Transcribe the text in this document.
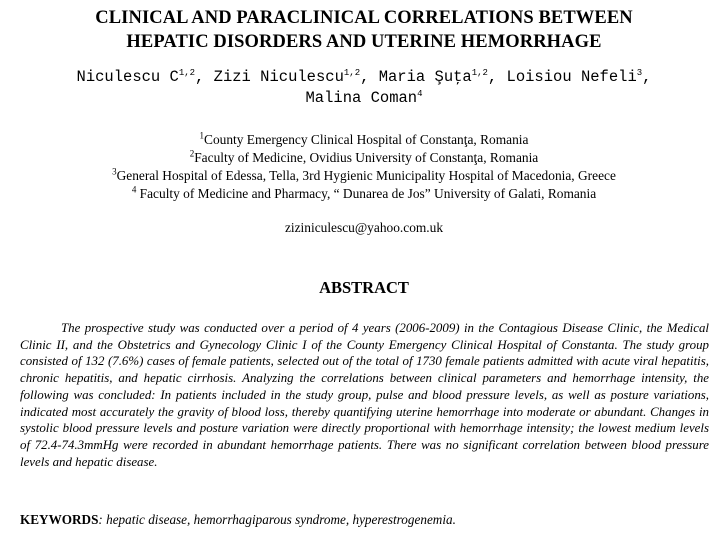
CLINICAL AND PARACLINICAL CORRELATIONS BETWEEN
HEPATIC DISORDERS AND UTERINE HEMORRHAGE
Niculescu C$^{1,2}$, Zizi Niculescu$^{1,2}$, Maria Şuţa$^{1,2}$, Loisiou Nefeli$^3$,
Malina Coman$^4$
$^1$County Emergency Clinical Hospital of Constanţa, Romania
$^2$Faculty of Medicine, Ovidius University of Constanţa, Romania
$^3$General Hospital of Edessa, Tella, 3rd Hygienic Municipality Hospital of Macedonia, Greece
$^4$ Faculty of Medicine and Pharmacy, “ Dunarea de Jos” University of Galati, Romania
ziziniculescu@yahoo.com.uk
ABSTRACT

The prospective study was conducted over a period of 4 years (2006-2009) in the Contagious Disease Clinic, the Medical Clinic II, and the Obstetrics and Gynecology Clinic I of the County Emergency Clinical Hospital of Constanta. The study group consisted of 132 (7.6%) cases of female patients, selected out of the total of 1730 female patients admitted with acute viral hepatitis, chronic hepatitis, and hepatic cirrhosis. Analyzing the correlations between clinical parameters and hemorrhage intensity, the following was concluded: In patients included in the study group, pulse and blood pressure levels, as well as posture variations, indicated most accurately the gravity of blood loss, thereby quantifying uterine hemorrhage into moderate or abundant. Changes in systolic blood pressure levels and posture variation were directly proportional with hemorrhage intensity; the lowest medium levels of 72.4-74.3mmHg were recorded in abundant hemorrhage patients. There was no significant correlation between blood pressure levels and hepatic disease.

KEYWORDS: hepatic disease, hemorrhagiparous syndrome, hyperestrogenemia.
